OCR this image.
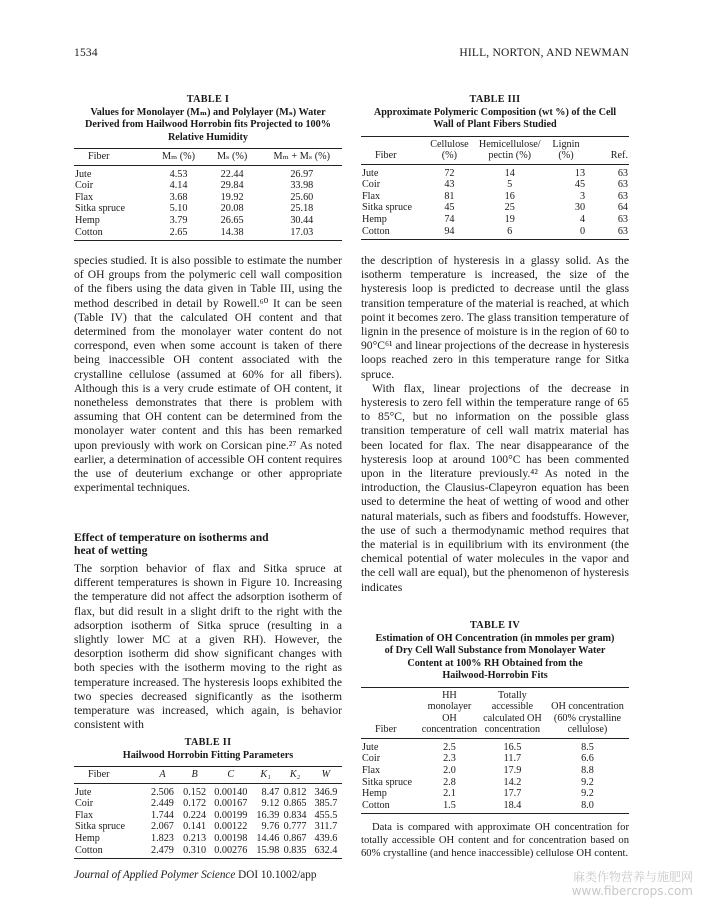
1534	HILL, NORTON, AND NEWMAN
TABLE I
Values for Monolayer (Mₘ) and Polylayer (Mₛ) Water
Derived from Hailwood Horrobin fits Projected to 100%
Relative Humidity
Fiber	Mₘ (%)	Mₛ (%)	Mₘ + Mₛ (%)
Jute	4.53	22.44	26.97
Coir	4.14	29.84	33.98
Flax	3.68	19.92	25.60
Sitka spruce	5.10	20.08	25.18
Hemp	3.79	26.65	30.44
Cotton	2.65	14.38	17.03

species studied. It is also possible to estimate the number of OH groups from the polymeric cell wall composition of the fibers using the data given in Table III, using the method described in detail by Rowell.⁶⁰ It can be seen (Table IV) that the calculated OH content and that determined from the monolayer water content do not correspond, even when some account is taken of there being inaccessible OH content associated with the crystalline cellulose (assumed at 60% for all fibers). Although this is a very crude estimate of OH content, it nonetheless demonstrates that there is problem with assuming that OH content can be determined from the monolayer water content and this has been remarked upon previously with work on Corsican pine.²⁷ As noted earlier, a determination of accessible OH content requires the use of deuterium exchange or other appropriate experimental techniques.

Effect of temperature on isotherms and
heat of wetting

The sorption behavior of flax and Sitka spruce at different temperatures is shown in Figure 10. Increasing the temperature did not affect the adsorption isotherm of flax, but did result in a slight drift to the right with the adsorption isotherm of Sitka spruce (resulting in a slightly lower MC at a given RH). However, the desorption isotherm did show significant changes with both species with the isotherm moving to the right as temperature increased. The hysteresis loops exhibited the two species decreased significantly as the isotherm temperature was increased, which again, is behavior consistent with

TABLE II
Hailwood Horrobin Fitting Parameters
Fiber	A	B	C	K₁	K₂	W
Jute	2.506	0.152	0.00140	8.47	0.812	346.9
Coir	2.449	0.172	0.00167	9.12	0.865	385.7
Flax	1.744	0.224	0.00199	16.39	0.834	455.5
Sitka spruce	2.067	0.141	0.00122	9.76	0.777	311.7
Hemp	1.823	0.213	0.00198	14.46	0.867	439.6
Cotton	2.479	0.310	0.00276	15.98	0.835	632.4
TABLE III
Approximate Polymeric Composition (wt %) of the Cell
Wall of Plant Fibers Studied
Fiber	Cellulose (%)	Hemicellulose/ pectin (%)	Lignin (%)	Ref.
Jute	72	14	13	63
Coir	43	5	45	63
Flax	81	16	3	63
Sitka spruce	45	25	30	64
Hemp	74	19	4	63
Cotton	94	6	0	63

the description of hysteresis in a glassy solid. As the isotherm temperature is increased, the size of the hysteresis loop is predicted to decrease until the glass transition temperature of the material is reached, at which point it becomes zero. The glass transition temperature of lignin in the presence of moisture is in the region of 60 to 90°C⁶¹ and linear projections of the decrease in hysteresis loops reached zero in this temperature range for Sitka spruce.

With flax, linear projections of the decrease in hysteresis to zero fell within the temperature range of 65 to 85°C, but no information on the possible glass transition temperature of cell wall matrix material has been located for flax. The near disappearance of the hysteresis loop at around 100°C has been commented upon in the literature previously.⁴² As noted in the introduction, the Clausius-Clapeyron equation has been used to determine the heat of wetting of wood and other natural materials, such as fibers and foodstuffs. However, the use of such a thermodynamic method requires that the material is in equilibrium with its environment (the chemical potential of water molecules in the vapor and the cell wall are equal), but the phenomenon of hysteresis indicates

TABLE IV
Estimation of OH Concentration (in mmoles per gram)
of Dry Cell Wall Substance from Monolayer Water
Content at 100% RH Obtained from the
Hailwood-Horrobin Fits
Fiber	HH monolayer OH concentration	Totally accessible calculated OH concentration	OH concentration (60% crystalline cellulose)
Jute	2.5	16.5	8.5
Coir	2.3	11.7	6.6
Flax	2.0	17.9	8.8
Sitka spruce	2.8	14.2	9.2
Hemp	2.1	17.7	9.2
Cotton	1.5	18.4	8.0

Data is compared with approximate OH concentration for totally accessible OH content and for concentration based on 60% crystalline (and hence inaccessible) cellulose OH content.

Journal of Applied Polymer Science DOI 10.1002/app	麻类作物营养与施肥网
www.fibercrops.com
